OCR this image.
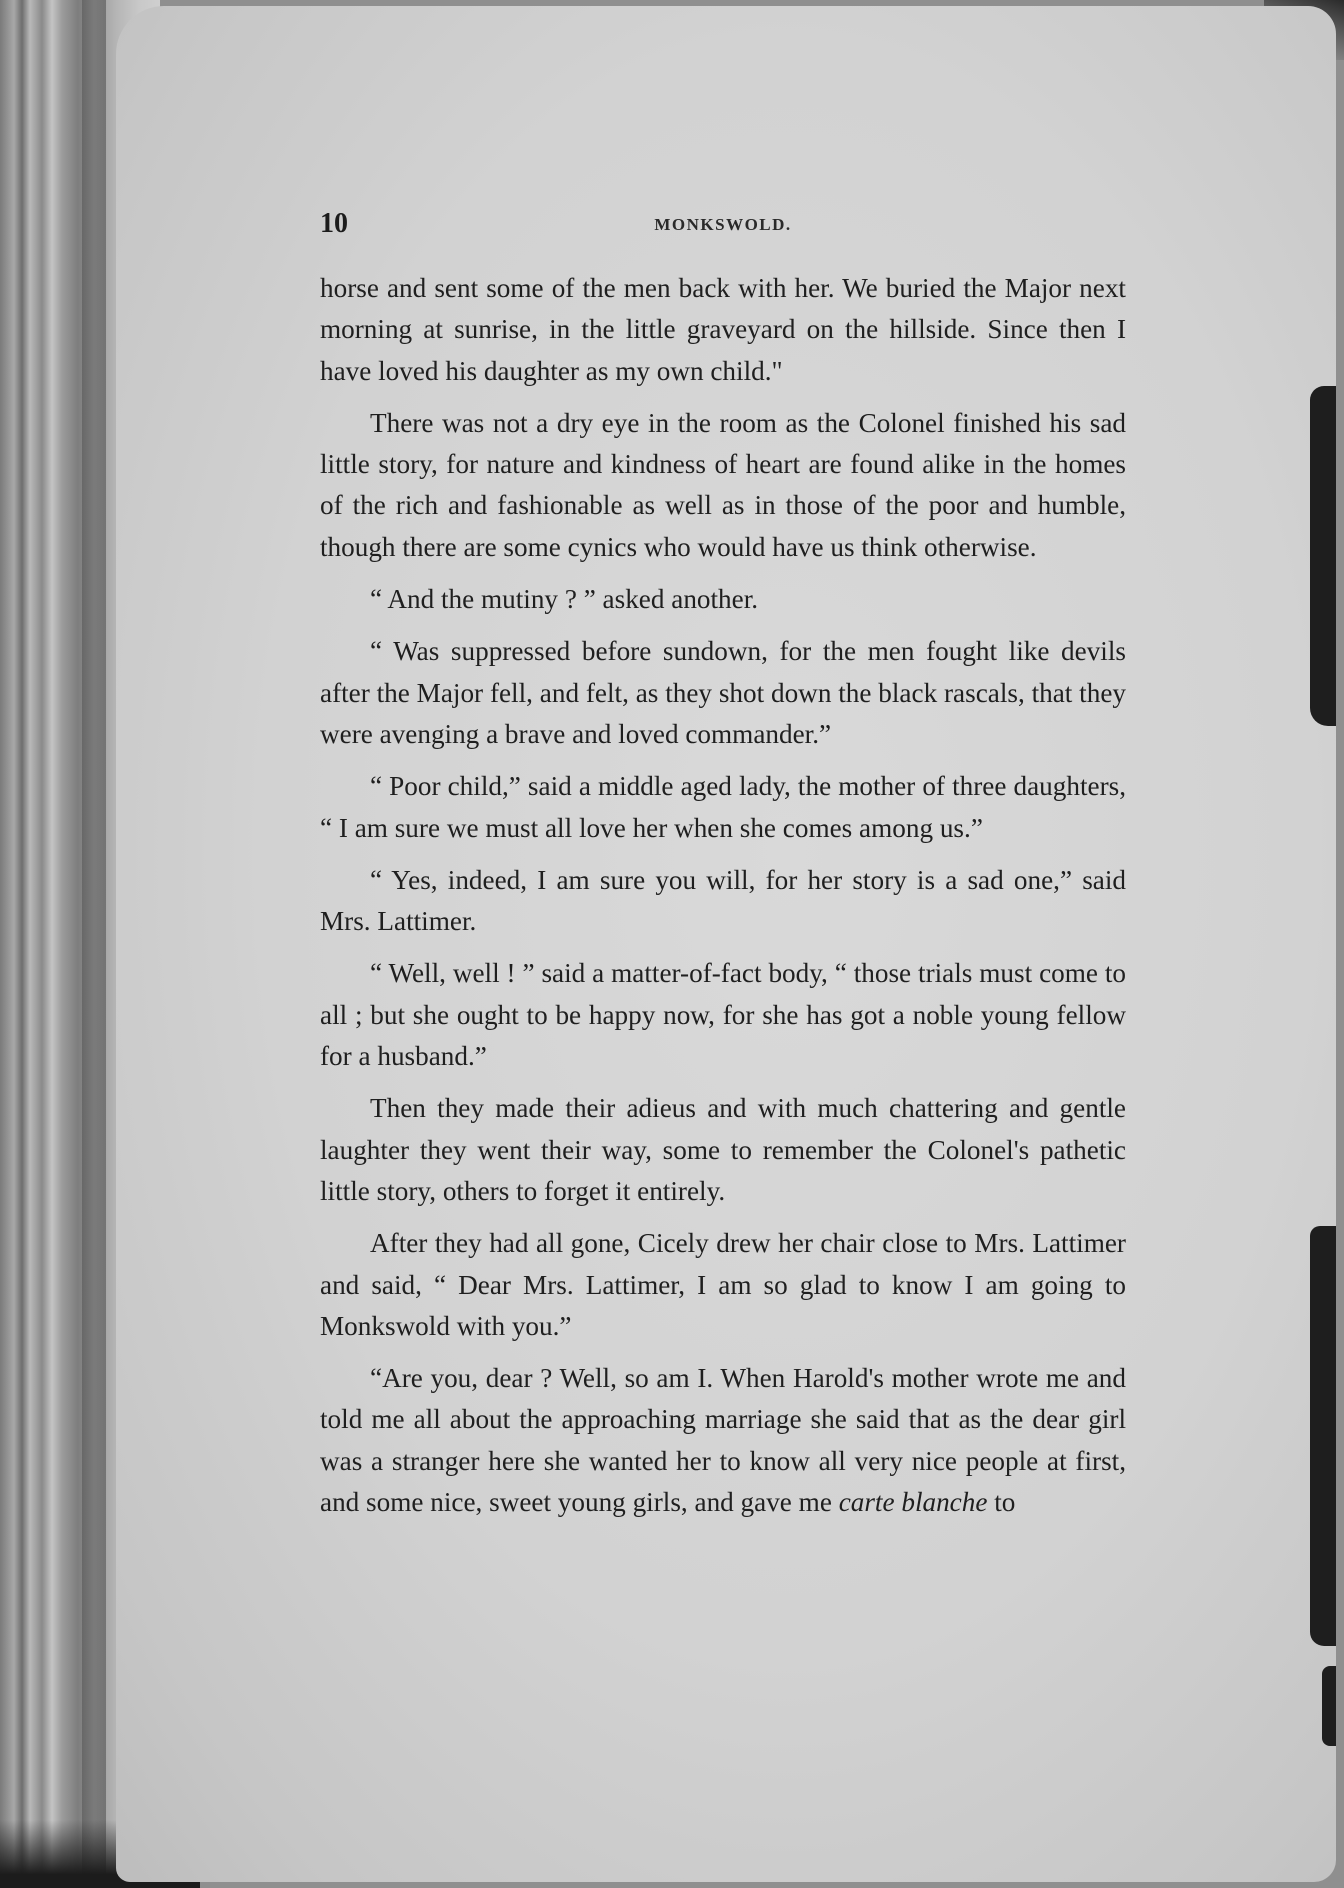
10	MONKSWOLD.

horse and sent some of the men back with her. We buried the Major next morning at sunrise, in the little graveyard on the hillside. Since then I have loved his daughter as my own child."

There was not a dry eye in the room as the Colonel finished his sad little story, for nature and kindness of heart are found alike in the homes of the rich and fashionable as well as in those of the poor and humble, though there are some cynics who would have us think otherwise.

“ And the mutiny ? ” asked another.

“ Was suppressed before sundown, for the men fought like devils after the Major fell, and felt, as they shot down the black rascals, that they were avenging a brave and loved commander.”

“ Poor child,” said a middle aged lady, the mother of three daughters, “ I am sure we must all love her when she comes among us.”

“ Yes, indeed, I am sure you will, for her story is a sad one,” said Mrs. Lattimer.

“ Well, well ! ” said a matter-of-fact body, “ those trials must come to all ; but she ought to be happy now, for she has got a noble young fellow for a husband.”

Then they made their adieus and with much chattering and gentle laughter they went their way, some to remember the Colonel's pathetic little story, others to forget it entirely.

After they had all gone, Cicely drew her chair close to Mrs. Lattimer and said, “ Dear Mrs. Lattimer, I am so glad to know I am going to Monkswold with you.”

“Are you, dear ? Well, so am I. When Harold's mother wrote me and told me all about the approaching marriage she said that as the dear girl was a stranger here she wanted her to know all very nice people at first, and some nice, sweet young girls, and gave me carte blanche to
